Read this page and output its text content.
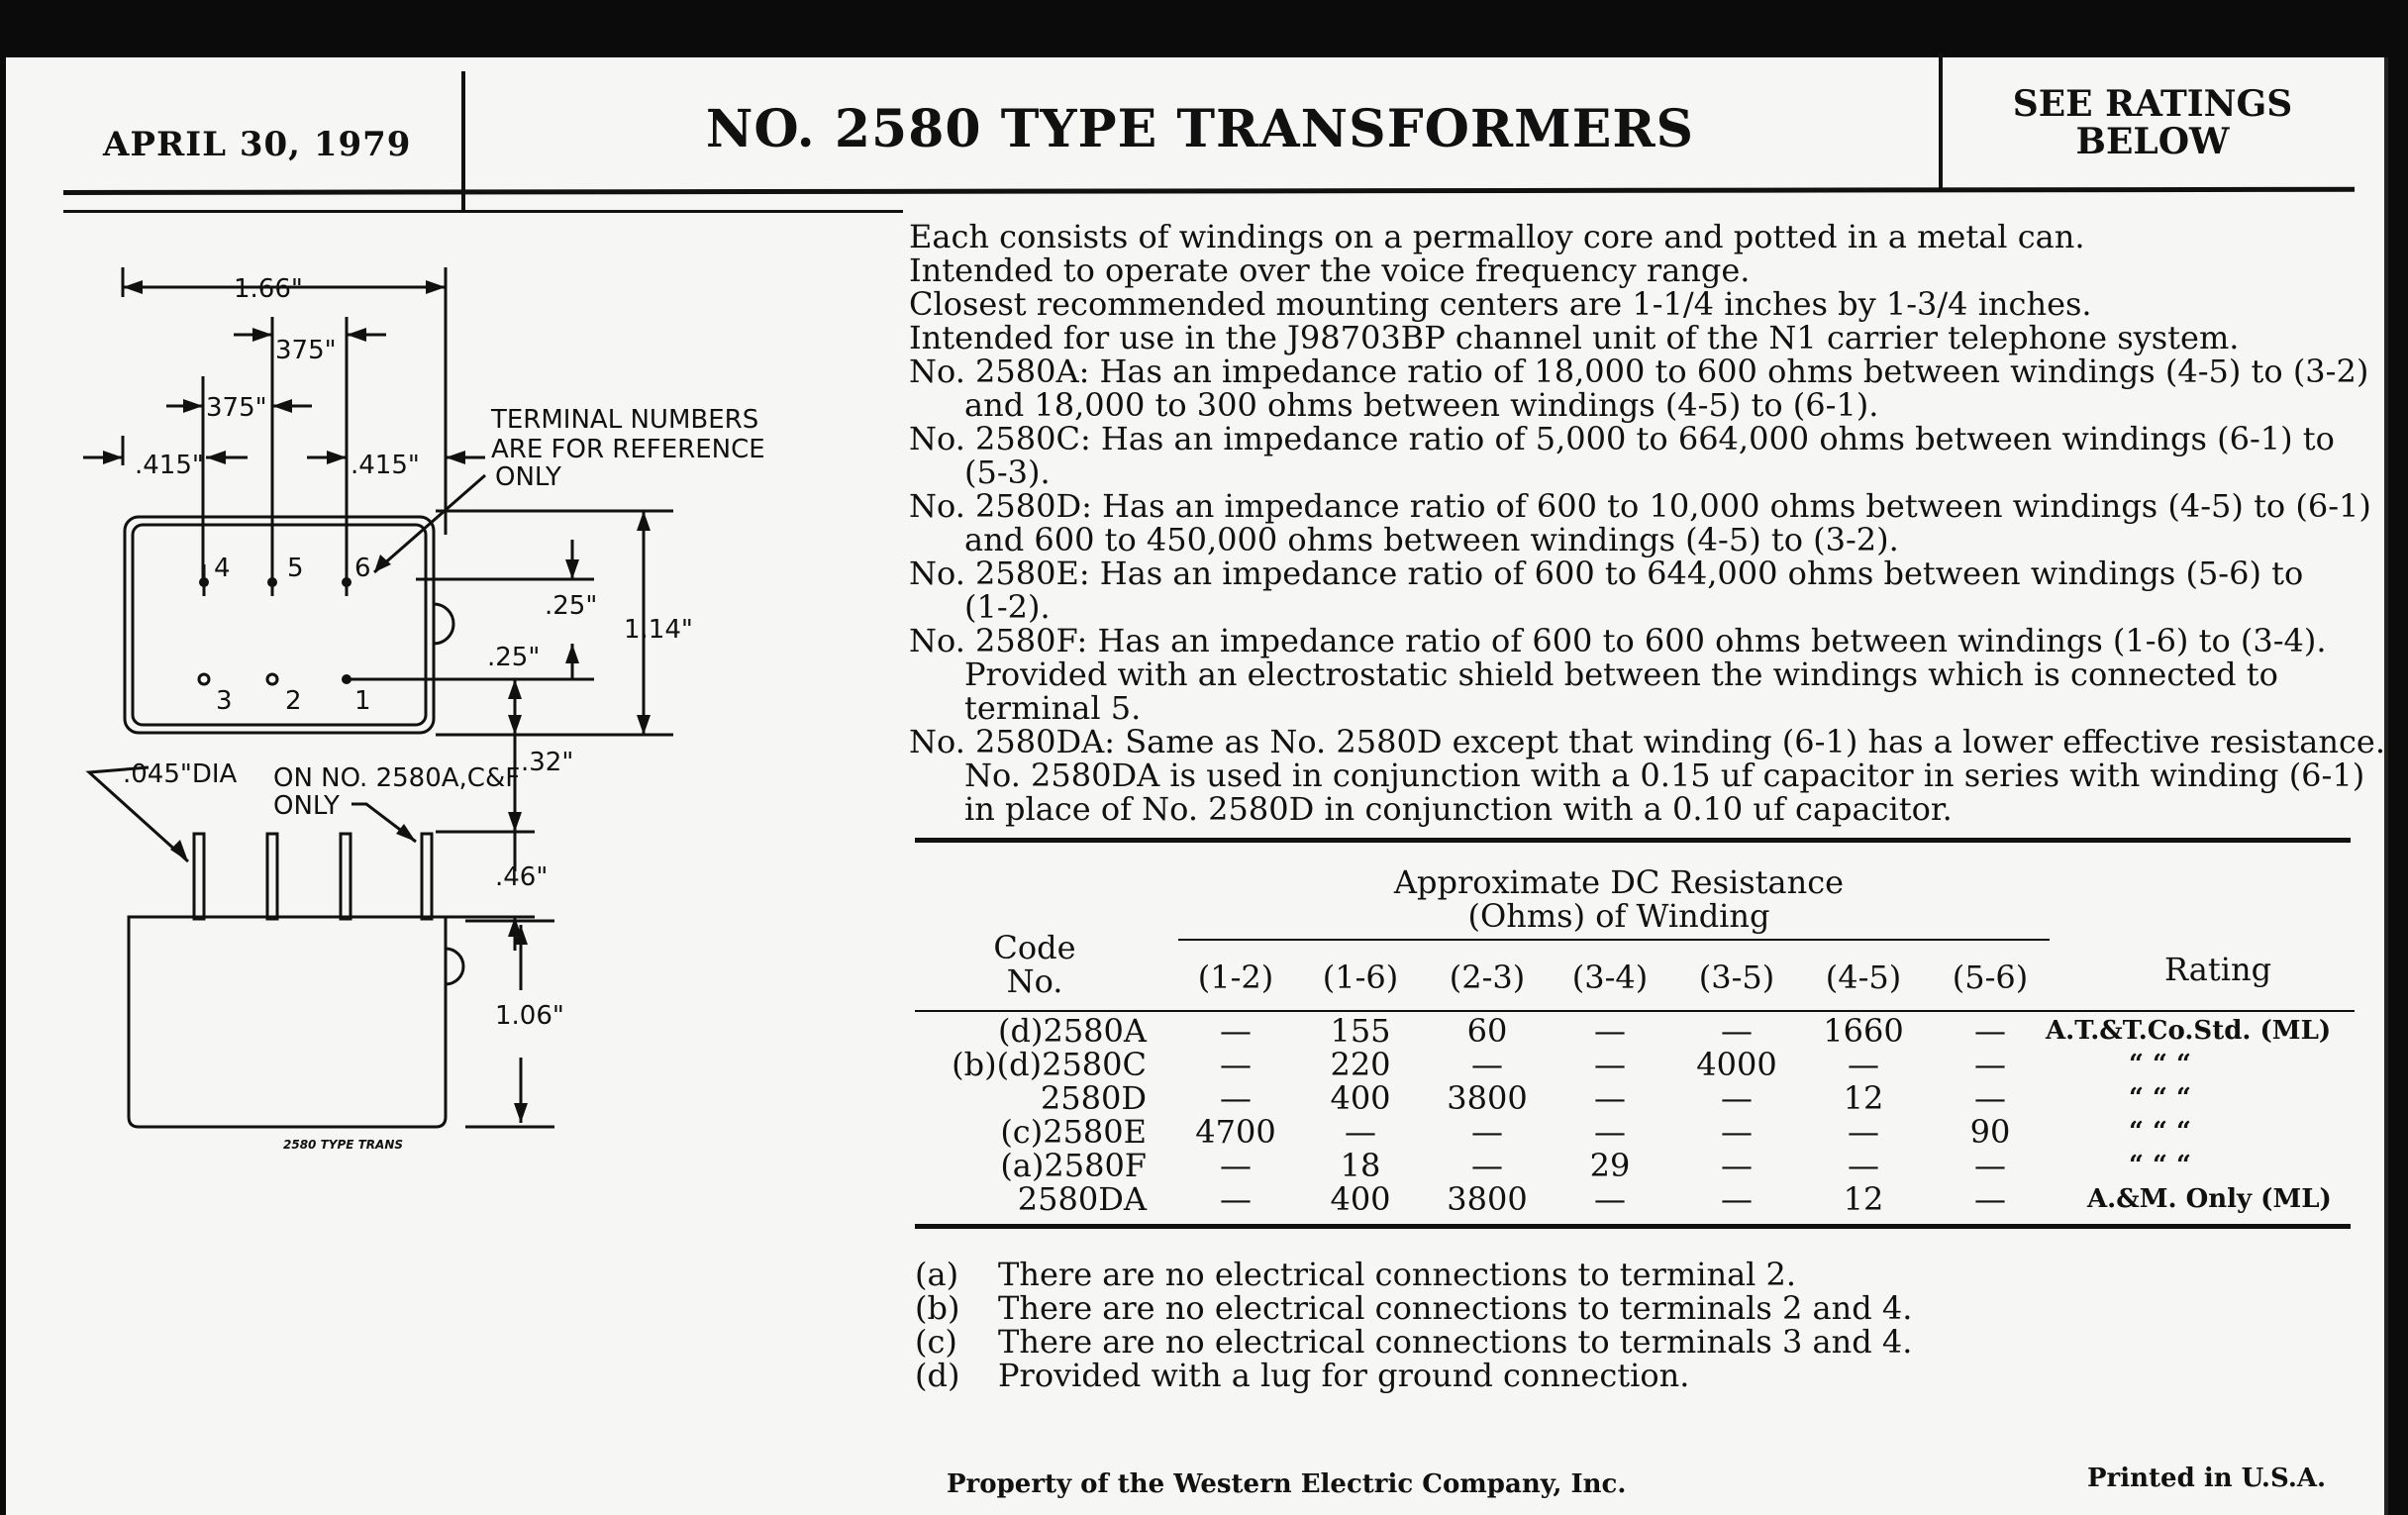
APRIL 30, 1979	NO. 2580 TYPE TRANSFORMERS	SEE RATINGS
BELOW
1.66"
375"
375"
.415"	.415"
TERMINAL NUMBERS
ARE FOR REFERENCE
ONLY
4 5 6
3 2 1
.25"
.25"
1.14"
.32"
.045"DIA ON NO. 2580A,C&F
ONLY
.46"
1.06"
2580 TYPE TRANS
Each consists of windings on a permalloy core and potted in a metal can.
Intended to operate over the voice frequency range.
Closest recommended mounting centers are 1-1/4 inches by 1-3/4 inches.
Intended for use in the J98703BP channel unit of the N1 carrier telephone system.
No. 2580A: Has an impedance ratio of 18,000 to 600 ohms between windings (4-5) to (3-2)
and 18,000 to 300 ohms between windings (4-5) to (6-1).
No. 2580C: Has an impedance ratio of 5,000 to 664,000 ohms between windings (6-1) to
(5-3).
No. 2580D: Has an impedance ratio of 600 to 10,000 ohms between windings (4-5) to (6-1)
and 600 to 450,000 ohms between windings (4-5) to (3-2).
No. 2580E: Has an impedance ratio of 600 to 644,000 ohms between windings (5-6) to
(1-2).
No. 2580F: Has an impedance ratio of 600 to 600 ohms between windings (1-6) to (3-4).
Provided with an electrostatic shield between the windings which is connected to
terminal 5.
No. 2580DA: Same as No. 2580D except that winding (6-1) has a lower effective resistance.
No. 2580DA is used in conjunction with a 0.15 uf capacitor in series with winding (6-1)
in place of No. 2580D in conjunction with a 0.10 uf capacitor.
Approximate DC Resistance
(Ohms) of Winding
Code
No.	Rating
(1-2)	(1-6)	(2-3)	(3-4)	(3-5)	(4-5)	(5-6)
(d)2580A	—	155	60	—	—	1660	—	A.T.&T.Co.Std. (ML)
(b)(d)2580C	—	220	—	—	4000	—	—	“ “ “
2580D	—	400	3800	—	—	12	—	“ “ “
(c)2580E	4700	—	—	—	—	—	90	“ “ “
(a)2580F	—	18	—	29	—	—	—	“ “ “
2580DA	—	400	3800	—	—	12	—	A.&M. Only (ML)
(a)	There are no electrical connections to terminal 2.
(b)	There are no electrical connections to terminals 2 and 4.
(c)	There are no electrical connections to terminals 3 and 4.
(d)	Provided with a lug for ground connection.
Property of the Western Electric Company, Inc.	Printed in U.S.A.
